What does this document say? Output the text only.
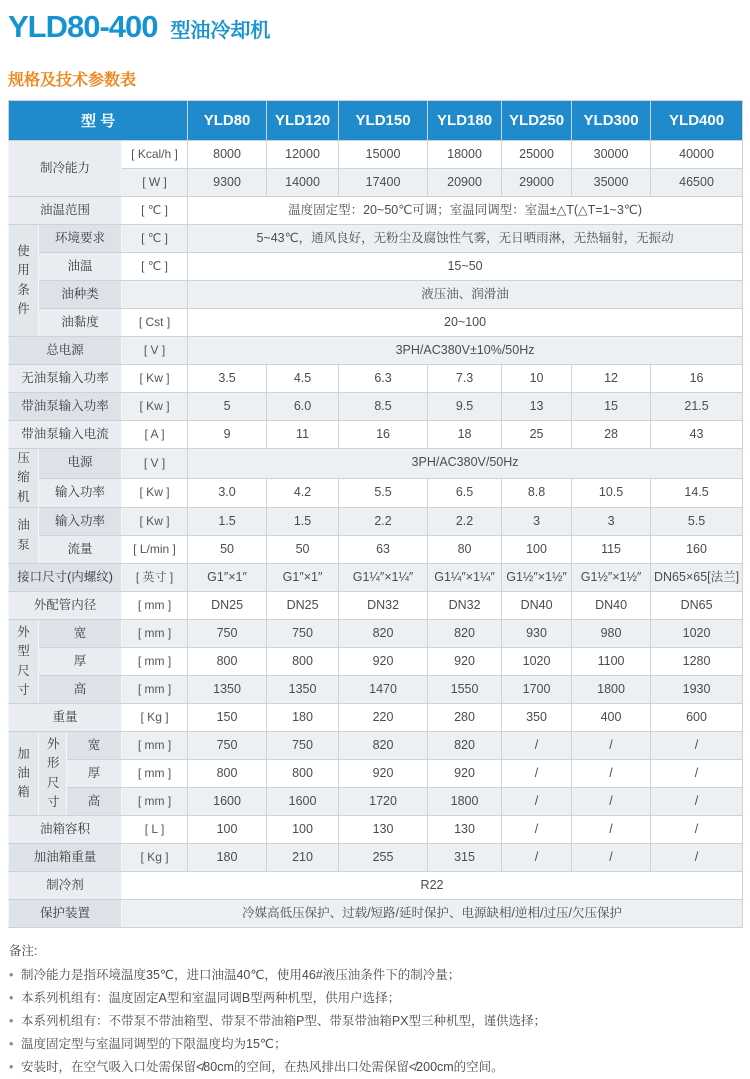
YLD80-400 型油冷却机
规格及技术参数表
型 号				YLD80	YLD120	YLD150	YLD180	YLD250	YLD300	YLD400
制冷能力			[ Kcal/h ]	8000	12000	15000	18000	25000	30000	40000
			[ W ]	9300	14000	17400	20900	29000	35000	46500
油温范围			[ ℃ ]	温度固定型：20~50℃可调；室温同调型：室温±△T(△T=1~3℃)						
使用条件	环境要求		[ ℃ ]	5~43℃，通风良好，无粉尘及腐蚀性气雾，无日晒雨淋，无热辐射，无振动						
	油温		[ ℃ ]	15~50						
	油种类			液压油、润滑油						
	油黏度		[ Cst ]	20~100						
总电源			[ V ]	3PH/AC380V±10%/50Hz						
无油泵输入功率			[ Kw ]	3.5	4.5	6.3	7.3	10	12	16
带油泵输入功率			[ Kw ]	5	6.0	8.5	9.5	13	15	21.5
带油泵输入电流			[ A ]	9	11	16	18	25	28	43
压缩机	电源		[ V ]	3PH/AC380V/50Hz						
	输入功率		[ Kw ]	3.0	4.2	5.5	6.5	8.8	10.5	14.5
油泵	输入功率		[ Kw ]	1.5	1.5	2.2	2.2	3	3	5.5
	流量		[ L/min ]	50	50	63	80	100	115	160
接口尺寸(内螺纹)			[ 英寸 ]	G1″×1″	G1″×1″	G1¼″×1¼″	G1¼″×1¼″	G1½″×1½″	G1½″×1½″	DN65×65[法兰]
外配管内径			[ mm ]	DN25	DN25	DN32	DN32	DN40	DN40	DN65
外型尺寸	宽		[ mm ]	750	750	820	820	930	980	1020
	厚		[ mm ]	800	800	920	920	1020	1100	1280
	高		[ mm ]	1350	1350	1470	1550	1700	1800	1930
重量			[ Kg ]	150	180	220	280	350	400	600
加油箱	外形尺寸	宽	[ mm ]	750	750	820	820	/	/	/
		厚	[ mm ]	800	800	920	920	/	/	/
		高	[ mm ]	1600	1600	1720	1800	/	/	/
油箱容积			[ L ]	100	100	130	130	/	/	/
加油箱重量			[ Kg ]	180	210	255	315	/	/	/
制冷剂			R22							
保护装置			冷媒高低压保护、过载/短路/延时保护、电源缺相/逆相/过压/欠压保护							
备注:
• 制冷能力是指环境温度35℃，进口油温40℃，使用46#液压油条件下的制冷量；
• 本系列机组有：温度固定A型和室温同调B型两种机型，供用户选择；
• 本系列机组有：不带泵不带油箱型、带泵不带油箱P型、带泵带油箱PX型三种机型，谨供选择；
• 温度固定型与室温同调型的下限温度均为15℃；
• 安装时，在空气吸入口处需保留≮80cm的空间，在热风排出口处需保留≮200cm的空间。
